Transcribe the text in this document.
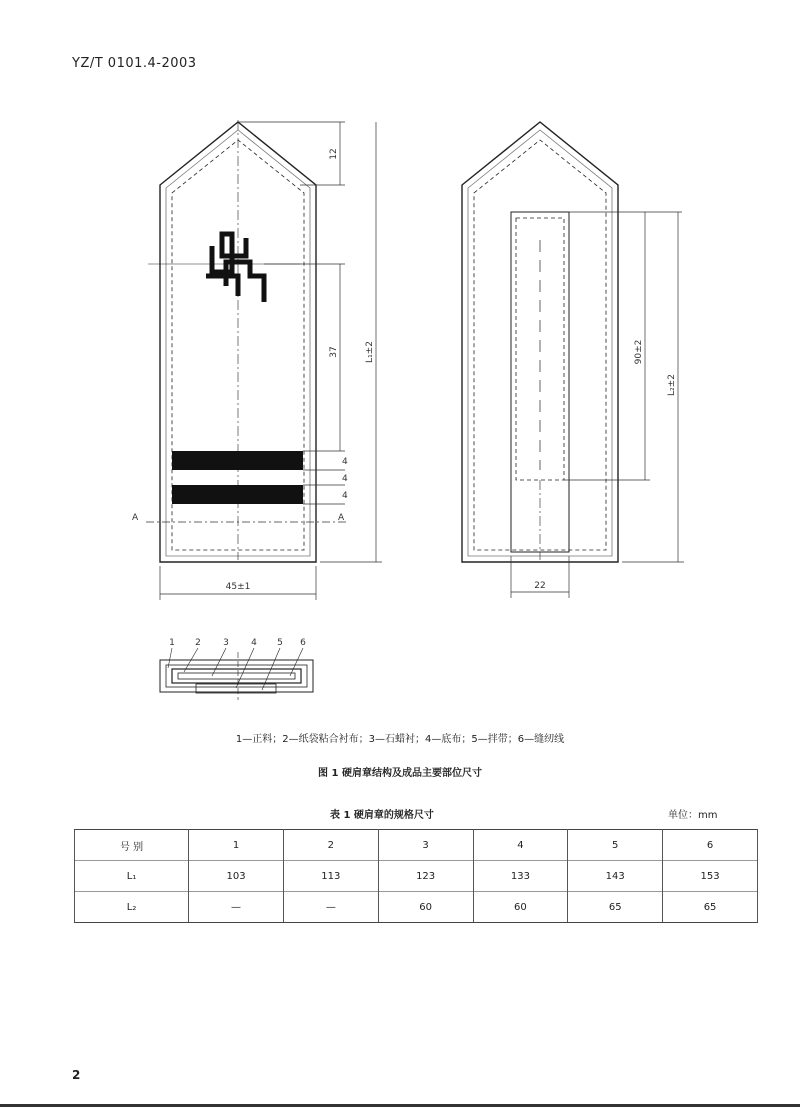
YZ/T 0101.4-2003
12
37	L₁±2
4
4
4
45±1
A	A
90±2
L₂±2
22
1 2 3 4 5 6
1—正料；2—纸袋粘合衬布；3—石蜡衬；4—底布；5—拌带；6—缝纫线
图 1 硬肩章结构及成品主要部位尺寸
表 1 硬肩章的规格尺寸	单位：mm
号 别	1	2	3	4	5	6
L₁	103	113	123	133	143	153
L₂	—	—	60	60	65	65
2
